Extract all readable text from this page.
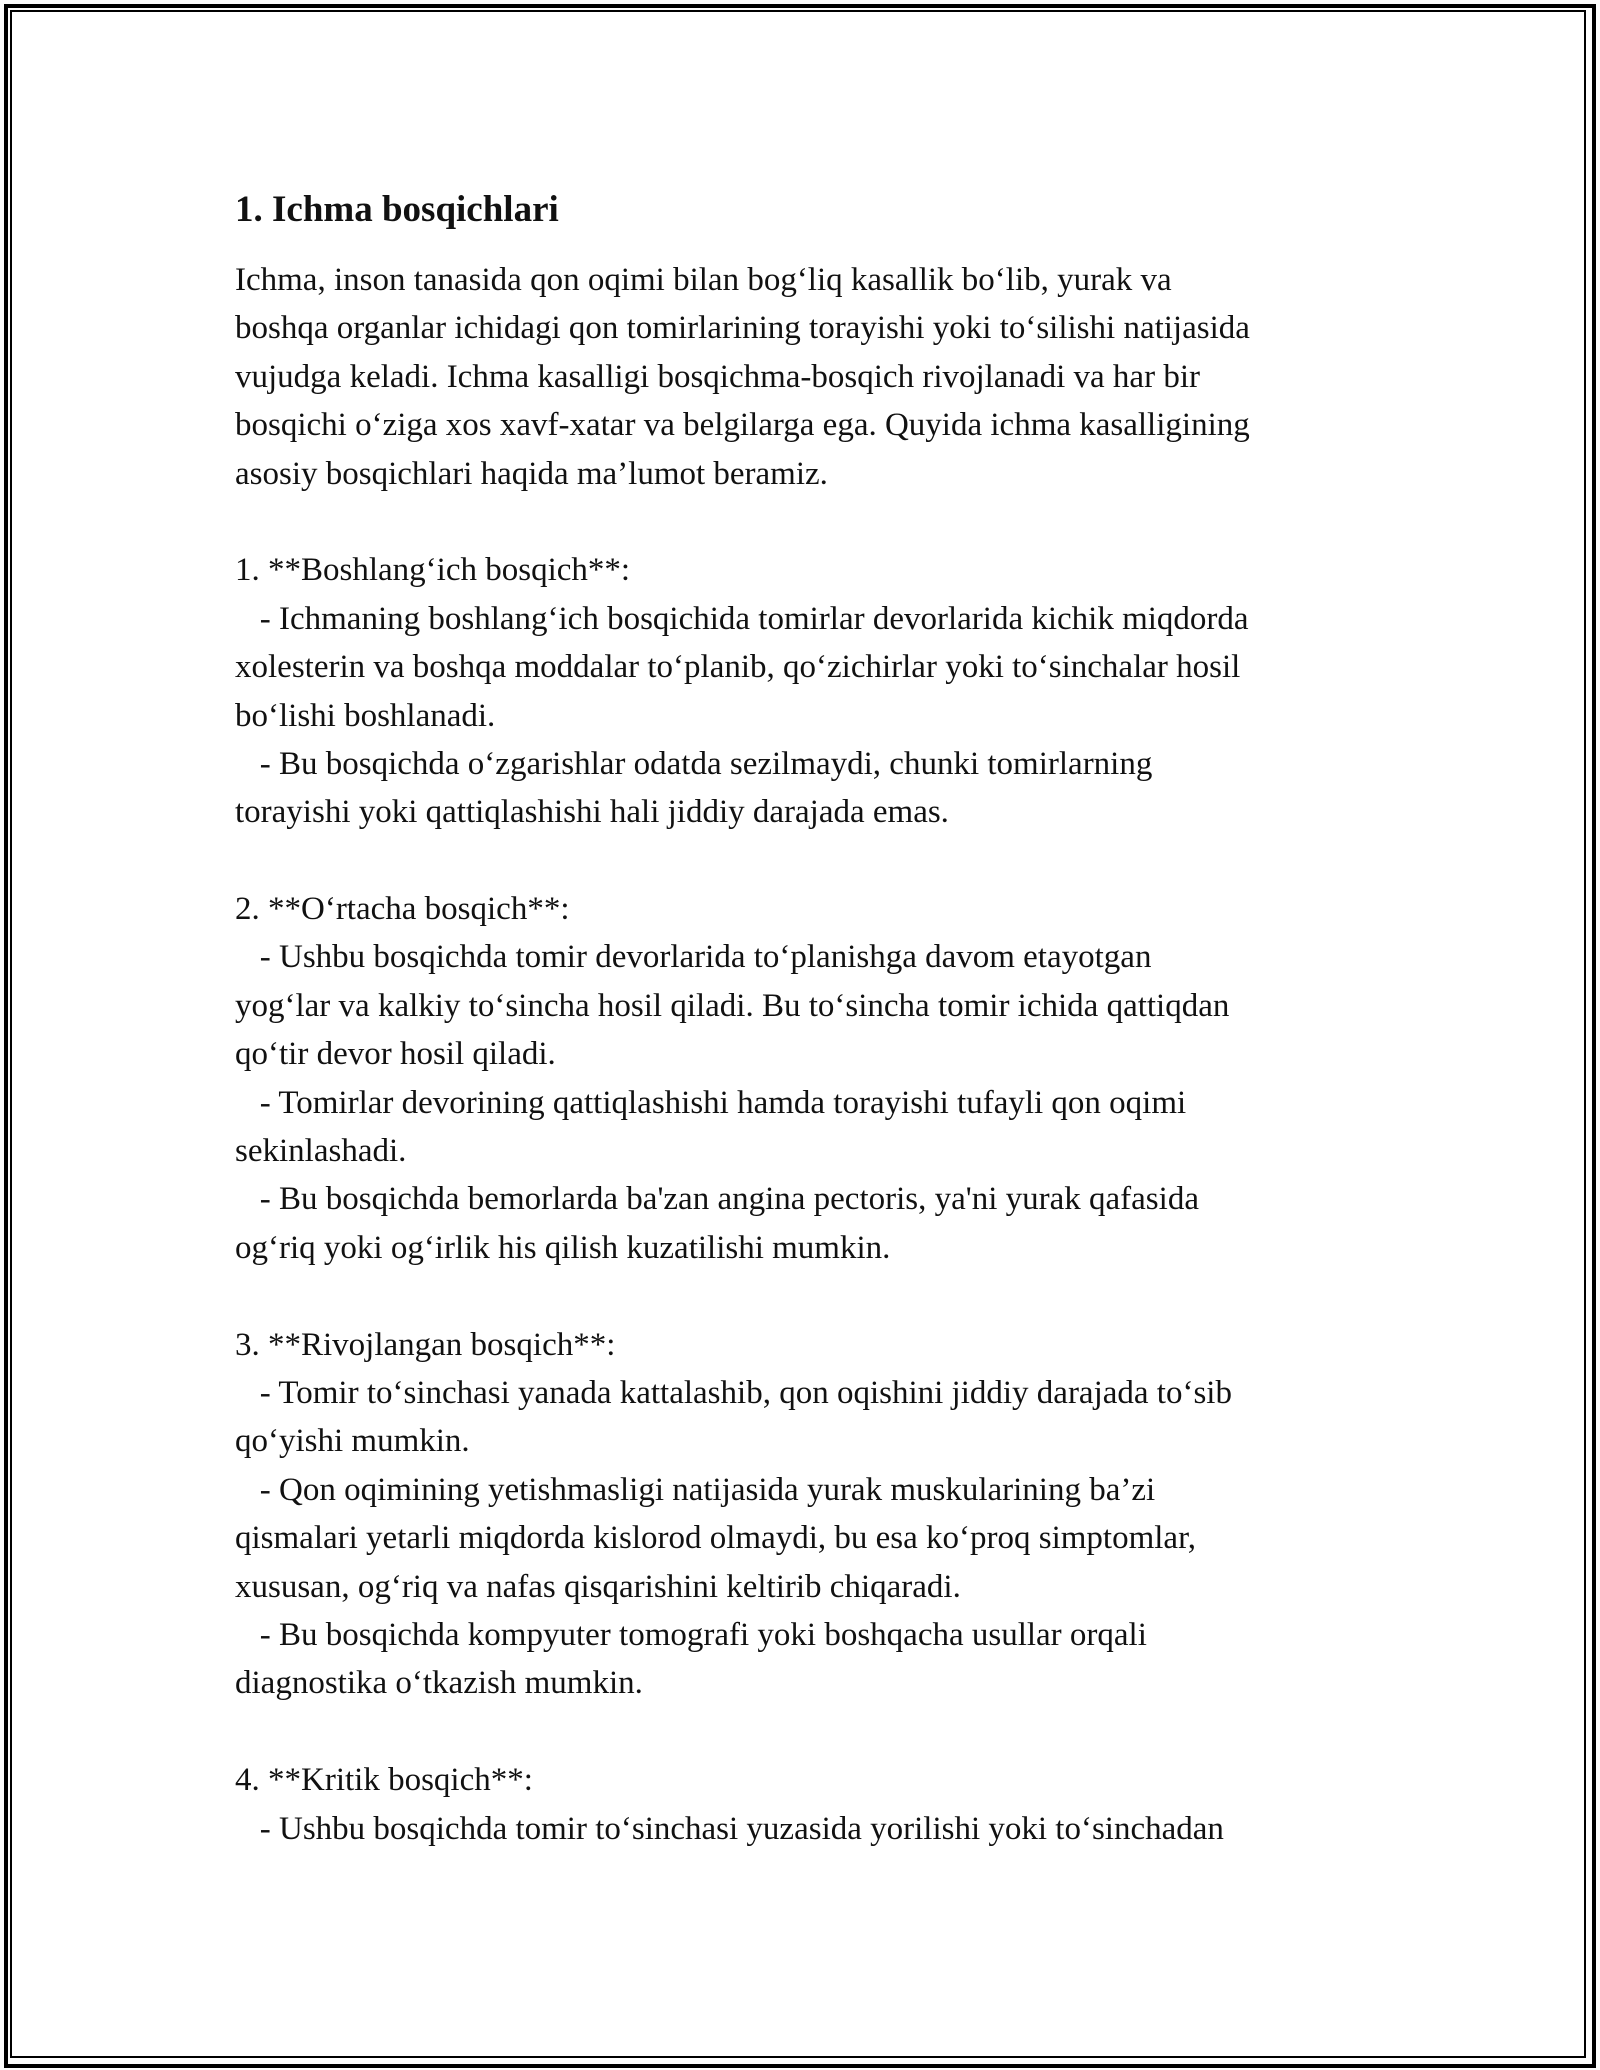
1. Ichma bosqichlari
Ichma, inson tanasida qon oqimi bilan bog‘liq kasallik bo‘lib, yurak va
boshqa organlar ichidagi qon tomirlarining torayishi yoki to‘silishi natijasida
vujudga keladi. Ichma kasalligi bosqichma-bosqich rivojlanadi va har bir
bosqichi o‘ziga xos xavf-xatar va belgilarga ega. Quyida ichma kasalligining
asosiy bosqichlari haqida ma’lumot beramiz.
1. **Boshlang‘ich bosqich**:
- Ichmaning boshlang‘ich bosqichida tomirlar devorlarida kichik miqdorda
xolesterin va boshqa moddalar to‘planib, qo‘zichirlar yoki to‘sinchalar hosil
bo‘lishi boshlanadi.
- Bu bosqichda o‘zgarishlar odatda sezilmaydi, chunki tomirlarning
torayishi yoki qattiqlashishi hali jiddiy darajada emas.
2. **O‘rtacha bosqich**:
- Ushbu bosqichda tomir devorlarida to‘planishga davom etayotgan
yog‘lar va kalkiy to‘sincha hosil qiladi. Bu to‘sincha tomir ichida qattiqdan
qo‘tir devor hosil qiladi.
- Tomirlar devorining qattiqlashishi hamda torayishi tufayli qon oqimi
sekinlashadi.
- Bu bosqichda bemorlarda ba'zan angina pectoris, ya'ni yurak qafasida
og‘riq yoki og‘irlik his qilish kuzatilishi mumkin.
3. **Rivojlangan bosqich**:
- Tomir to‘sinchasi yanada kattalashib, qon oqishini jiddiy darajada to‘sib
qo‘yishi mumkin.
- Qon oqimining yetishmasligi natijasida yurak muskularining ba’zi
qismalari yetarli miqdorda kislorod olmaydi, bu esa ko‘proq simptomlar,
xususan, og‘riq va nafas qisqarishini keltirib chiqaradi.
- Bu bosqichda kompyuter tomografi yoki boshqacha usullar orqali
diagnostika o‘tkazish mumkin.
4. **Kritik bosqich**:
- Ushbu bosqichda tomir to‘sinchasi yuzasida yorilishi yoki to‘sinchadan
